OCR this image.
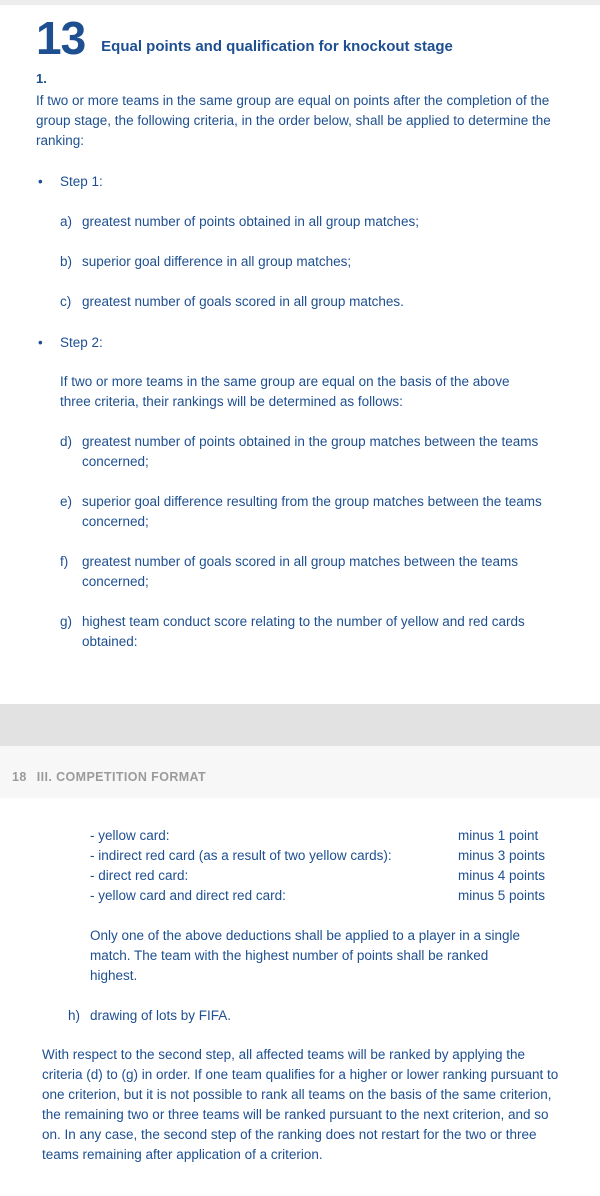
13 Equal points and qualification for knockout stage
1.

If two or more teams in the same group are equal on points after the completion of the group stage, the following criteria, in the order below, shall be applied to determine the ranking:

•
Step 1:
a) greatest number of points obtained in all group matches;
b) superior goal difference in all group matches;
c) greatest number of goals scored in all group matches.
•
Step 2:

If two or more teams in the same group are equal on the basis of the above three criteria, their rankings will be determined as follows:

d) greatest number of points obtained in the group matches between the teams concerned;
e) superior goal difference resulting from the group matches between the teams concerned;
f)	greatest number of goals scored in all group matches between the teams concerned;
g) highest team conduct score relating to the number of yellow and red cards obtained:
18 III. COMPETITION FORMAT
- yellow card:	minus 1 point
- indirect red card (as a result of two yellow cards):	minus 3 points
- direct red card:	minus 4 points
- yellow card and direct red card:	minus 5 points

Only one of the above deductions shall be applied to a player in a single match. The team with the highest number of points shall be ranked highest.

h) drawing of lots by FIFA.

With respect to the second step, all affected teams will be ranked by applying the criteria (d) to (g) in order. If one team qualifies for a higher or lower ranking pursuant to one criterion, but it is not possible to rank all teams on the basis of the same criterion, the remaining two or three teams will be ranked pursuant to the next criterion, and so on. In any case, the second step of the ranking does not restart for the two or three teams remaining after application of a criterion.
